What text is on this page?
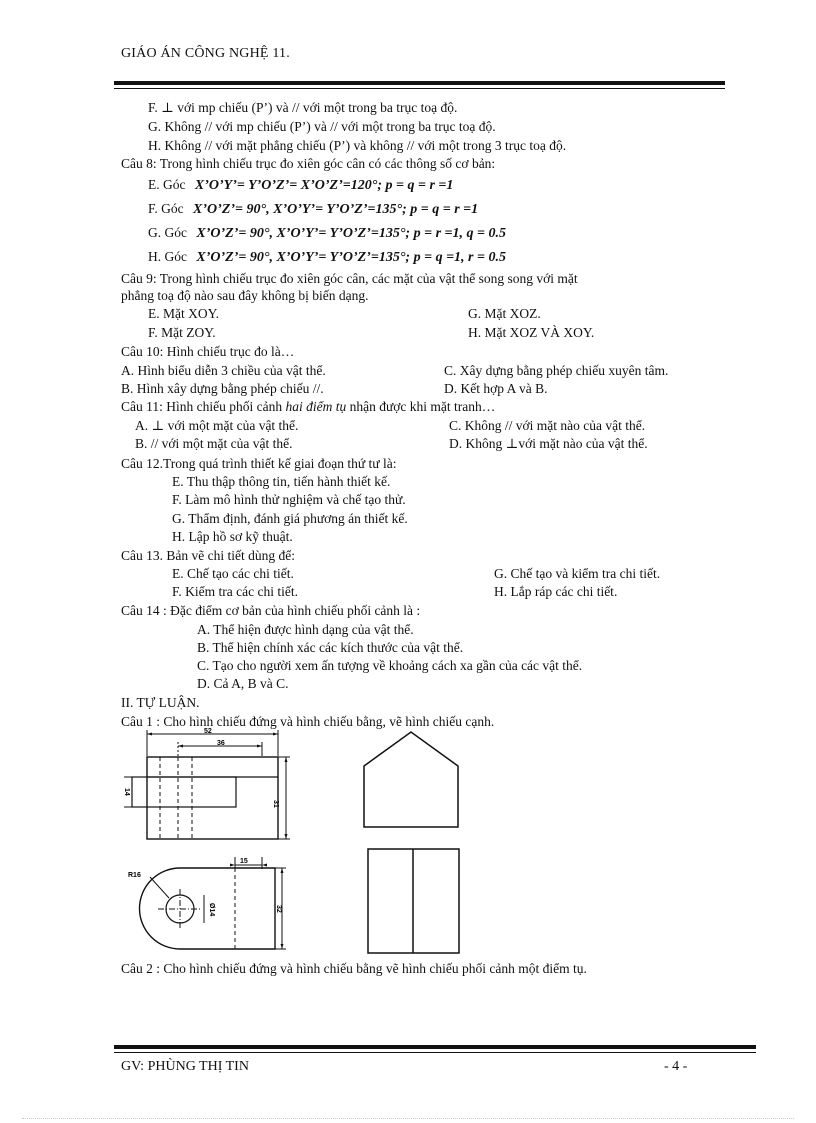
GIÁO ÁN CÔNG NGHỆ 11.
F. ⊥ với mp chiếu (P’) và // với một trong ba trục toạ độ.
G. Không // với mp chiếu (P’) và // với một trong ba trục toạ độ.
H. Không // với mặt phẳng chiếu (P’) và không // với một trong 3 trục toạ độ.
Câu 8: Trong hình chiếu trục đo xiên góc cân có các thông số cơ bản:
E. Góc X’O’Y’= Y’O’Z’= X’O’Z’=120°; p = q = r =1
F. Góc X’O’Z’= 90°, X’O’Y’= Y’O’Z’=135°; p = q = r =1
G. Góc X’O’Z’= 90°, X’O’Y’= Y’O’Z’=135°; p = r =1, q = 0.5
H. Góc X’O’Z’= 90°, X’O’Y’= Y’O’Z’=135°; p = q =1, r = 0.5
Câu 9: Trong hình chiếu trục đo xiên góc cân, các mặt của vật thể song song với mặt
phẳng toạ độ nào sau đây không bị biến dạng.
E. Mặt XOY.	G. Mặt XOZ.
F. Mặt ZOY.	H. Mặt XOZ VÀ XOY.
Câu 10: Hình chiếu trục đo là…
A. Hình biểu diễn 3 chiều của vật thể.	C. Xây dựng bằng phép chiếu xuyên tâm.
B. Hình xây dựng bằng phép chiếu //.	D. Kết hợp A và B.
Câu 11: Hình chiếu phối cảnh hai điểm tụ nhận được khi mặt tranh…
A. ⊥ với một mặt của vật thể.	C. Không // với mặt nào của vật thể.
B. // với một mặt của vật thể.	D. Không ⊥với mặt nào của vật thể.
Câu 12.Trong quá trình thiết kế giai đoạn thứ tư là:
E. Thu thập thông tin, tiến hành thiết kế.
F. Làm mô hình thử nghiệm và chế tạo thử.
G. Thẩm định, đánh giá phương án thiết kế.
H. Lập hồ sơ kỹ thuật.
Câu 13. Bản vẽ chi tiết dùng để:
E. Chế tạo các chi tiết.	G. Chế tạo và kiểm tra chi tiết.
F. Kiểm tra các chi tiết.	H. Lắp ráp các chi tiết.
Câu 14 : Đặc điểm cơ bản của hình chiếu phối cảnh là :
A. Thể hiện được hình dạng của vật thể.
B. Thể hiện chính xác các kích thước của vật thể.
C. Tạo cho người xem ấn tượng về khoảng cách xa gần của các vật thể.
D. Cả A, B và C.
II. TỰ LUẬN.
Câu 1 : Cho hình chiếu đứng và hình chiếu bằng, vẽ hình chiếu cạnh.
52
36
31
14
R16
15
Ø14	32
Câu 2 : Cho hình chiếu đứng và hình chiếu bằng vẽ hình chiếu phối cảnh một điểm tụ.
GV: PHÙNG THỊ TIN	- 4 -
